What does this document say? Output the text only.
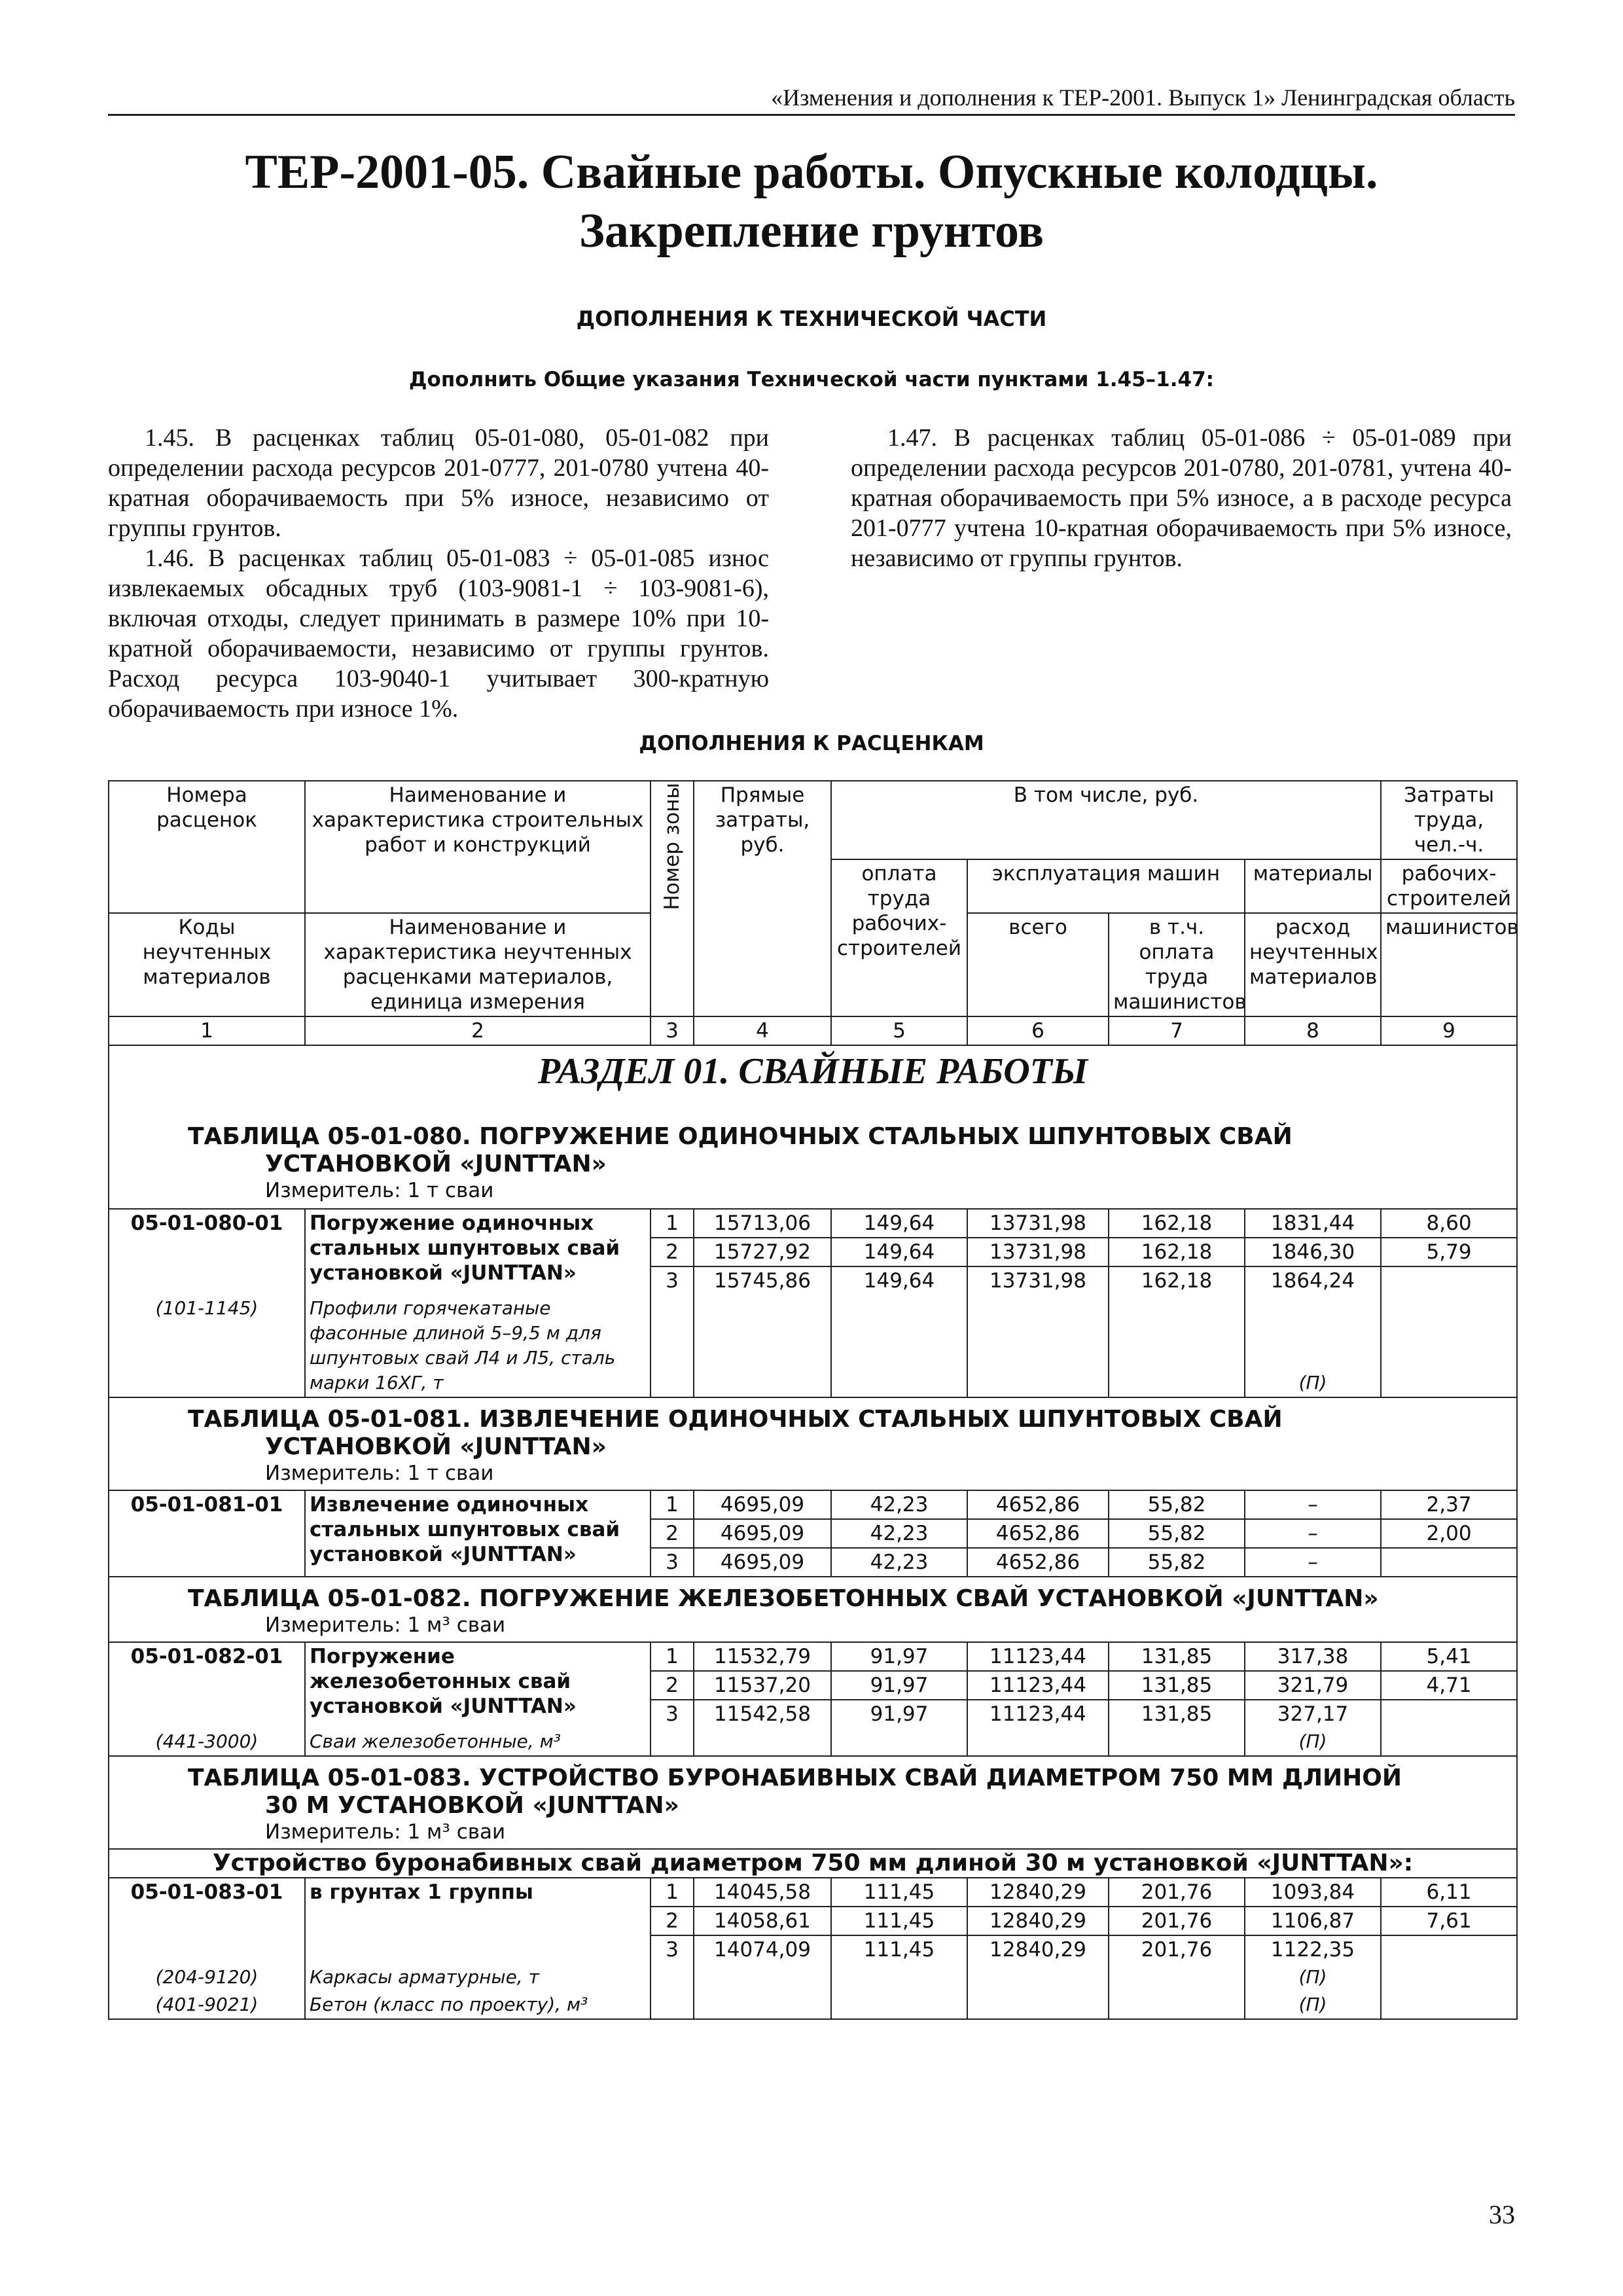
«Изменения и дополнения к ТЕР-2001. Выпуск 1» Ленинградская область
ТЕР-2001-05. Свайные работы. Опускные колодцы.
Закрепление грунтов
ДОПОЛНЕНИЯ К ТЕХНИЧЕСКОЙ ЧАСТИ
Дополнить Общие указания Технической части пунктами 1.45–1.47:

1.45. В расценках таблиц 05-01-080, 05-01-082 при определении расхода ресурсов 201-0777, 201-0780 учтена 40-кратная оборачиваемость при 5% износе, независимо от группы грунтов.

1.46. В расценках таблиц 05-01-083 ÷ 05-01-085 износ извлекаемых обсадных труб (103-9081-1 ÷ 103-9081-6), включая отходы, следует принимать в размере 10% при 10-кратной оборачиваемости, независимо от группы грунтов. Расход ресурса 103-9040-1 учитывает 300-кратную оборачиваемость при износе 1%.

1.47. В расценках таблиц 05-01-086 ÷ 05-01-089 при определении расхода ресурсов 201-0780, 201-0781, учтена 40-кратная оборачиваемость при 5% износе, а в расходе ресурса 201-0777 учтена 10-кратная оборачиваемость при 5% износе, независимо от группы грунтов.

ДОПОЛНЕНИЯ К РАСЦЕНКАМ
Номера расценок	Наименование и характеристика строительных работ и конструкций	Номер зоны	Прямые затраты, руб.	В том числе, руб.				Затраты труда, чел.-ч.
				оплата труда рабочих-строителей	эксплуатация машин		материалы	рабочих-строителей
Коды неучтенных материалов	Наименование и характеристика неучтенных расценками материалов, единица измерения				всего	в т.ч. оплата труда машинистов	расход неучтенных материалов	машинистов
1	2	3	4	5	6	7	8	9

РАЗДЕЛ 01. СВАЙНЫЕ РАБОТЫ
ТАБЛИЦА 05-01-080. ПОГРУЖЕНИЕ ОДИНОЧНЫХ СТАЛЬНЫХ ШПУНТОВЫХ СВАЙ УСТАНОВКОЙ «JUNTTAN»
Измеритель: 1 т сваи								

05-01-080-01	Погружение одиночных стальных шпунтовых свай установкой «JUNTTAN»	1	15713,06	149,64	13731,98	162,18	1831,44	8,60
		2	15727,92	149,64	13731,98	162,18	1846,30	5,79
		3	15745,86	149,64	13731,98	162,18	1864,24	
(101-1145)	Профили горячекатаные фасонные длиной 5–9,5 м для шпунтовых свай Л4 и Л5, сталь марки 16ХГ, т						(П)	

ТАБЛИЦА 05-01-081. ИЗВЛЕЧЕНИЕ ОДИНОЧНЫХ СТАЛЬНЫХ ШПУНТОВЫХ СВАЙ УСТАНОВКОЙ «JUNTTAN»
Измеритель: 1 т сваи								

05-01-081-01	Извлечение одиночных стальных шпунтовых свай установкой «JUNTTAN»	1	4695,09	42,23	4652,86	55,82	–	2,37
		2	4695,09	42,23	4652,86	55,82	–	2,00
		3	4695,09	42,23	4652,86	55,82	–	

ТАБЛИЦА 05-01-082. ПОГРУЖЕНИЕ ЖЕЛЕЗОБЕТОННЫХ СВАЙ УСТАНОВКОЙ «JUNTTAN»
Измеритель: 1 м³ сваи								

05-01-082-01	Погружение железобетонных свай установкой «JUNTTAN»	1	11532,79	91,97	11123,44	131,85	317,38	5,41
		2	11537,20	91,97	11123,44	131,85	321,79	4,71
		3	11542,58	91,97	11123,44	131,85	327,17	
(441-3000)	Сваи железобетонные, м³						(П)	

ТАБЛИЦА 05-01-083. УСТРОЙСТВО БУРОНАБИВНЫХ СВАЙ ДИАМЕТРОМ 750 ММ ДЛИНОЙ 30 М УСТАНОВКОЙ «JUNTTAN»
Измеритель: 1 м³ сваи								

Устройство буронабивных свай диаметром 750 мм длиной 30 м установкой «JUNTTAN»:								
05-01-083-01	в грунтах 1 группы	1	14045,58	111,45	12840,29	201,76	1093,84	6,11
		2	14058,61	111,45	12840,29	201,76	1106,87	7,61
		3	14074,09	111,45	12840,29	201,76	1122,35	
(204-9120)	Каркасы арматурные, т						(П)	
(401-9021)	Бетон (класс по проекту), м³						(П)	
33
